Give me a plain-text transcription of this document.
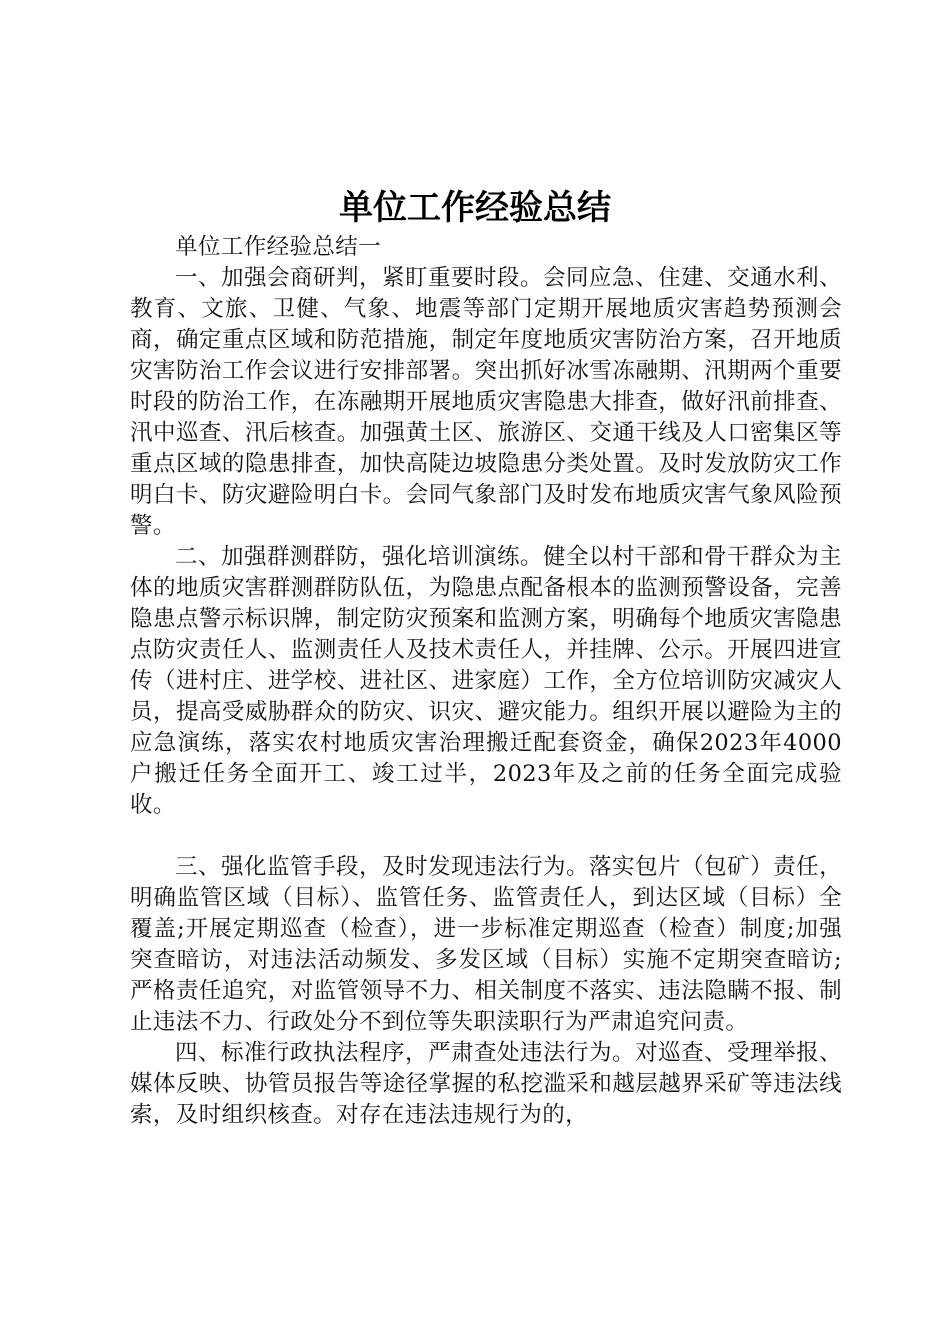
单位工作经验总结

单位工作经验总结一

一、加强会商研判，紧盯重要时段。会同应急、住建、交通水利、教育、文旅、卫健、气象、地震等部门定期开展地质灾害趋势预测会商，确定重点区域和防范措施，制定年度地质灾害防治方案，召开地质灾害防治工作会议进行安排部署。突出抓好冰雪冻融期、汛期两个重要时段的防治工作，在冻融期开展地质灾害隐患大排查，做好汛前排查、汛中巡查、汛后核查。加强黄土区、旅游区、交通干线及人口密集区等重点区域的隐患排查，加快高陡边坡隐患分类处置。及时发放防灾工作明白卡、防灾避险明白卡。会同气象部门及时发布地质灾害气象风险预警。

二、加强群测群防，强化培训演练。健全以村干部和骨干群众为主体的地质灾害群测群防队伍，为隐患点配备根本的监测预警设备，完善隐患点警示标识牌，制定防灾预案和监测方案，明确每个地质灾害隐患点防灾责任人、监测责任人及技术责任人，并挂牌、公示。开展四进宣传（进村庄、进学校、进社区、进家庭）工作，全方位培训防灾减灾人员，提高受威胁群众的防灾、识灾、避灾能力。组织开展以避险为主的应急演练，落实农村地质灾害治理搬迁配套资金，确保2023年4000户搬迁任务全面开工、竣工过半，2023年及之前的任务全面完成验收。

三、强化监管手段，及时发现违法行为。落实包片（包矿）责任，明确监管区域（目标）、监管任务、监管责任人，到达区域（目标）全覆盖;开展定期巡查（检查），进一步标准定期巡查（检查）制度;加强突查暗访，对违法活动频发、多发区域（目标）实施不定期突查暗访;严格责任追究，对监管领导不力、相关制度不落实、违法隐瞒不报、制止违法不力、行政处分不到位等失职渎职行为严肃追究问责。

四、标准行政执法程序，严肃查处违法行为。对巡查、受理举报、媒体反映、协管员报告等途径掌握的私挖滥采和越层越界采矿等违法线索，及时组织核查。对存在违法违规行为的，
